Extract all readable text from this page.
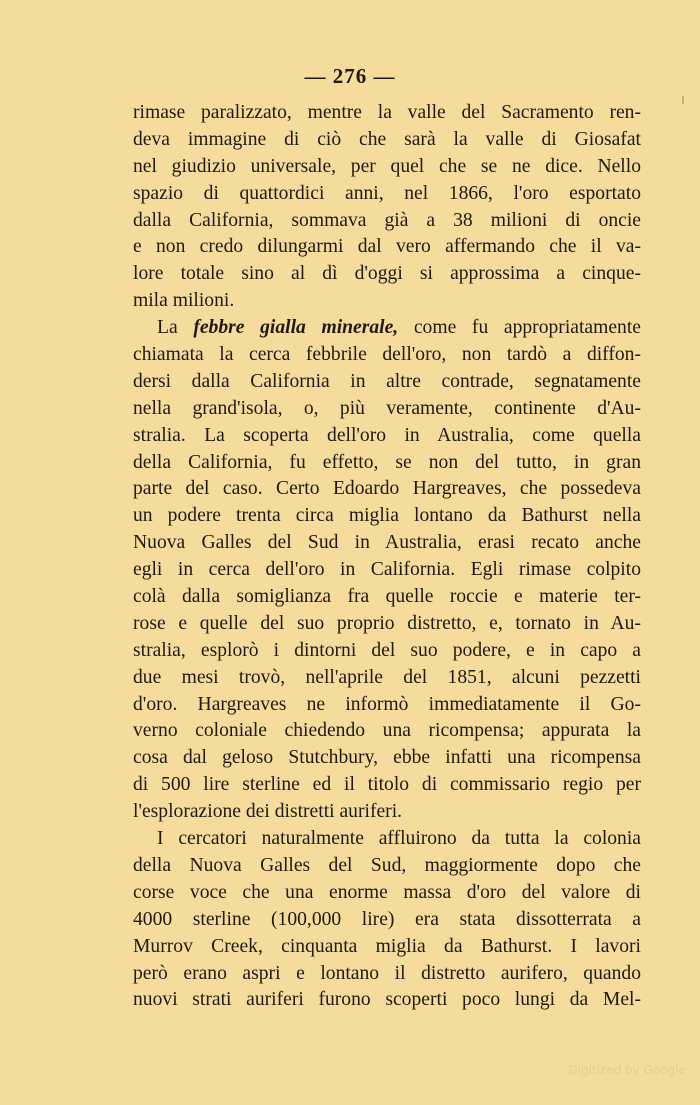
— 276 —
rimase paralizzato, mentre la valle del Sacramento ren-
deva immagine di ciò che sarà la valle di Giosafat
nel giudizio universale, per quel che se ne dice. Nello
spazio di quattordici anni, nel 1866, l'oro esportato
dalla California, sommava già a 38 milioni di oncie
e non credo dilungarmi dal vero affermando che il va-
lore totale sino al dì d'oggi si approssima a cinque-
mila milioni.
La febbre gialla minerale, come fu appropriatamente
chiamata la cerca febbrile dell'oro, non tardò a diffon-
dersi dalla California in altre contrade, segnatamente
nella grand'isola, o, più veramente, continente d'Au-
stralia. La scoperta dell'oro in Australia, come quella
della California, fu effetto, se non del tutto, in gran
parte del caso. Certo Edoardo Hargreaves, che possedeva
un podere trenta circa miglia lontano da Bathurst nella
Nuova Galles del Sud in Australia, erasi recato anche
egli in cerca dell'oro in California. Egli rimase colpito
colà dalla somiglianza fra quelle roccie e materie ter-
rose e quelle del suo proprio distretto, e, tornato in Au-
stralia, esplorò i dintorni del suo podere, e in capo a
due mesi trovò, nell'aprile del 1851, alcuni pezzetti
d'oro. Hargreaves ne informò immediatamente il Go-
verno coloniale chiedendo una ricompensa; appurata la
cosa dal geloso Stutchbury, ebbe infatti una ricompensa
di 500 lire sterline ed il titolo di commissario regio per
l'esplorazione dei distretti auriferi.
I cercatori naturalmente affluirono da tutta la colonia
della Nuova Galles del Sud, maggiormente dopo che
corse voce che una enorme massa d'oro del valore di
4000 sterline (100,000 lire) era stata dissotterrata a
Murrov Creek, cinquanta miglia da Bathurst. I lavori
però erano aspri e lontano il distretto aurifero, quando
nuovi strati auriferi furono scoperti poco lungi da Mel-
Digitized by Google
